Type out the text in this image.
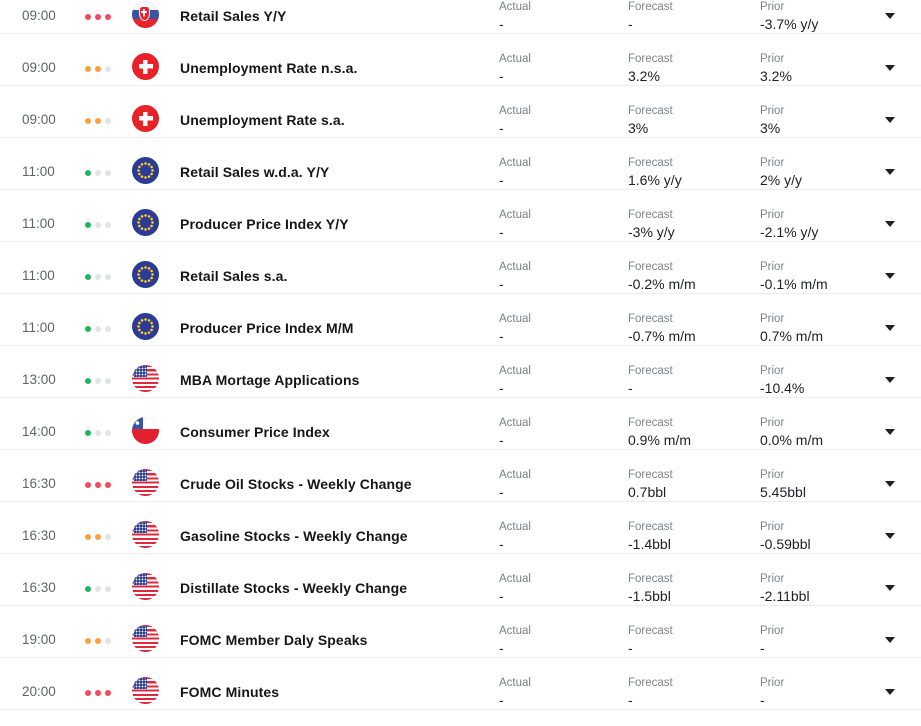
09:00	Retail Sales Y/Y
Actual
-
Forecast
-
Prior
-3.7% y/y
09:00	Unemployment Rate n.s.a.
Actual
-
Forecast
3.2%
Prior
3.2%
09:00	Unemployment Rate s.a.
Actual
-
Forecast
3%
Prior
3%
11:00	Retail Sales w.d.a. Y/Y
Actual
-
Forecast
1.6% y/y
Prior
2% y/y
11:00	Producer Price Index Y/Y
Actual
-
Forecast
-3% y/y
Prior
-2.1% y/y
11:00	Retail Sales s.a.
Actual
-
Forecast
-0.2% m/m
Prior
-0.1% m/m
11:00	Producer Price Index M/M
Actual
-
Forecast
-0.7% m/m
Prior
0.7% m/m
13:00	MBA Mortage Applications
Actual
-
Forecast
-
Prior
-10.4%
14:00	Consumer Price Index
Actual
-
Forecast
0.9% m/m
Prior
0.0% m/m
16:30	Crude Oil Stocks - Weekly Change
Actual
-
Forecast
0.7bbl
Prior
5.45bbl
16:30	Gasoline Stocks - Weekly Change
Actual
-
Forecast
-1.4bbl
Prior
-0.59bbl
16:30	Distillate Stocks - Weekly Change
Actual
-
Forecast
-1.5bbl
Prior
-2.11bbl
19:00	FOMC Member Daly Speaks
Actual
-
Forecast
-
Prior
-
20:00	FOMC Minutes
Actual
-
Forecast
-
Prior
-
